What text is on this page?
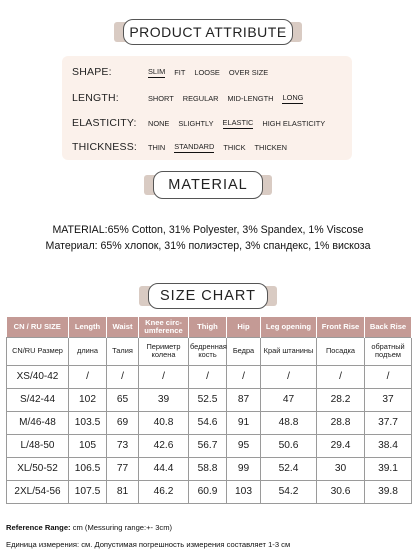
PRODUCT ATTRIBUTE
SHAPE:	SLIM FIT LOOSE OVER SIZE
LENGTH:	SHORT REGULAR MID-LENGTH LONG
ELASTICITY:	NONE SLIGHTLY ELASTIC HIGH ELASTICITY
THICKNESS:	THIN STANDARD THICK THICKEN
MATERIAL
MATERIAL:65% Cotton, 31% Polyester, 3% Spandex, 1% Viscose
Материал: 65% хлопок, 31% полиэстер, 3% спандекс, 1% вискоза
SIZE CHART
CN / RU SIZE	Length	Waist	Knee circ-umference	Thigh	Hip	Leg opening	Front Rise	Back Rise
CN/RU Размер	длина	Талия	Периметр колена	бедренная кость	Бедра	Край штанины	Посадка	обратный подъем
XS/40-42	/	/	/	/	/	/	/	/
S/42-44	102	65	39	52.5	87	47	28.2	37
M/46-48	103.5	69	40.8	54.6	91	48.8	28.8	37.7
L/48-50	105	73	42.6	56.7	95	50.6	29.4	38.4
XL/50-52	106.5	77	44.4	58.8	99	52.4	30	39.1
2XL/54-56	107.5	81	46.2	60.9	103	54.2	30.6	39.8
Reference Range: cm (Messuring range:+- 3cm)
Единица измерения: см. Допустимая погрешность измерения составляет 1-3 см
